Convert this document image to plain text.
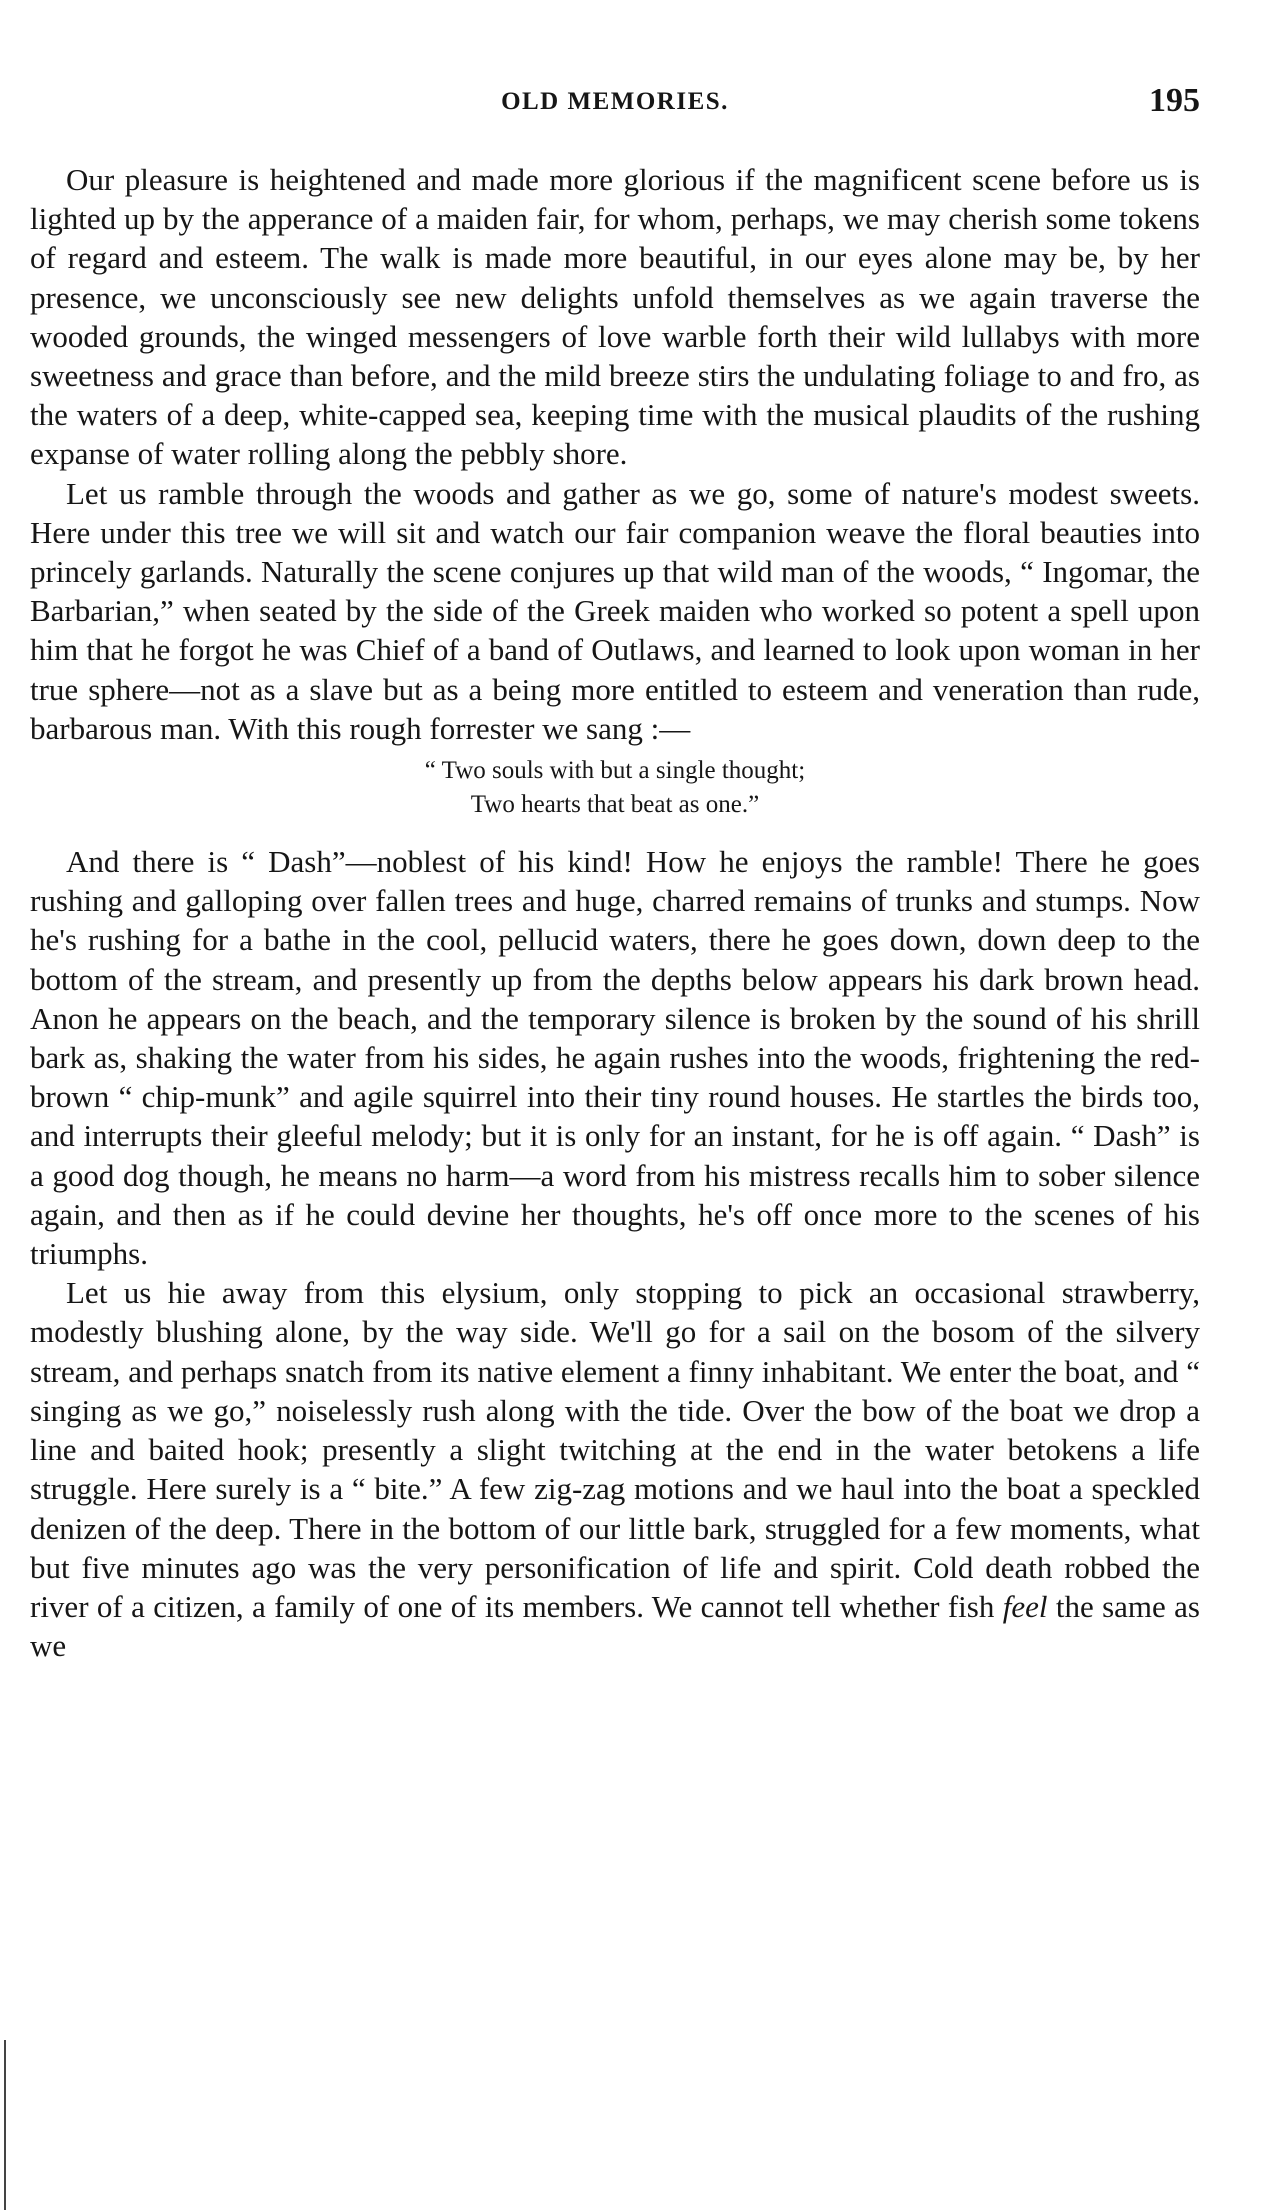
OLD MEMORIES.	195

Our pleasure is heightened and made more glorious if the magnificent scene before us is lighted up by the apperance of a maiden fair, for whom, perhaps, we may cherish some tokens of regard and esteem. The walk is made more beautiful, in our eyes alone may be, by her presence, we unconsciously see new delights unfold themselves as we again traverse the wooded grounds, the winged messengers of love warble forth their wild lullabys with more sweetness and grace than before, and the mild breeze stirs the undulating foliage to and fro, as the waters of a deep, white-capped sea, keeping time with the musical plaudits of the rushing expanse of water rolling along the pebbly shore.

Let us ramble through the woods and gather as we go, some of nature's modest sweets. Here under this tree we will sit and watch our fair companion weave the floral beauties into princely garlands. Naturally the scene conjures up that wild man of the woods, “ Ingomar, the Barbarian,” when seated by the side of the Greek maiden who worked so potent a spell upon him that he forgot he was Chief of a band of Outlaws, and learned to look upon woman in her true sphere—not as a slave but as a being more entitled to esteem and veneration than rude, barbarous man. With this rough forrester we sang :—

“ Two souls with but a single thought;
Two hearts that beat as one.”

And there is “ Dash”—noblest of his kind! How he enjoys the ramble! There he goes rushing and galloping over fallen trees and huge, charred remains of trunks and stumps. Now he's rushing for a bathe in the cool, pellucid waters, there he goes down, down deep to the bottom of the stream, and presently up from the depths below appears his dark brown head. Anon he appears on the beach, and the temporary silence is broken by the sound of his shrill bark as, shaking the water from his sides, he again rushes into the woods, frightening the red-brown “ chip-munk” and agile squirrel into their tiny round houses. He startles the birds too, and interrupts their gleeful melody; but it is only for an instant, for he is off again. “ Dash” is a good dog though, he means no harm—a word from his mistress recalls him to sober silence again, and then as if he could devine her thoughts, he's off once more to the scenes of his triumphs.

Let us hie away from this elysium, only stopping to pick an occasional strawberry, modestly blushing alone, by the way side. We'll go for a sail on the bosom of the silvery stream, and perhaps snatch from its native element a finny inhabitant. We enter the boat, and “ singing as we go,” noiselessly rush along with the tide. Over the bow of the boat we drop a line and baited hook; presently a slight twitching at the end in the water betokens a life struggle. Here surely is a “ bite.” A few zig-zag motions and we haul into the boat a speckled denizen of the deep. There in the bottom of our little bark, struggled for a few moments, what but five minutes ago was the very personification of life and spirit. Cold death robbed the river of a citizen, a family of one of its members. We cannot tell whether fish feel the same as we
